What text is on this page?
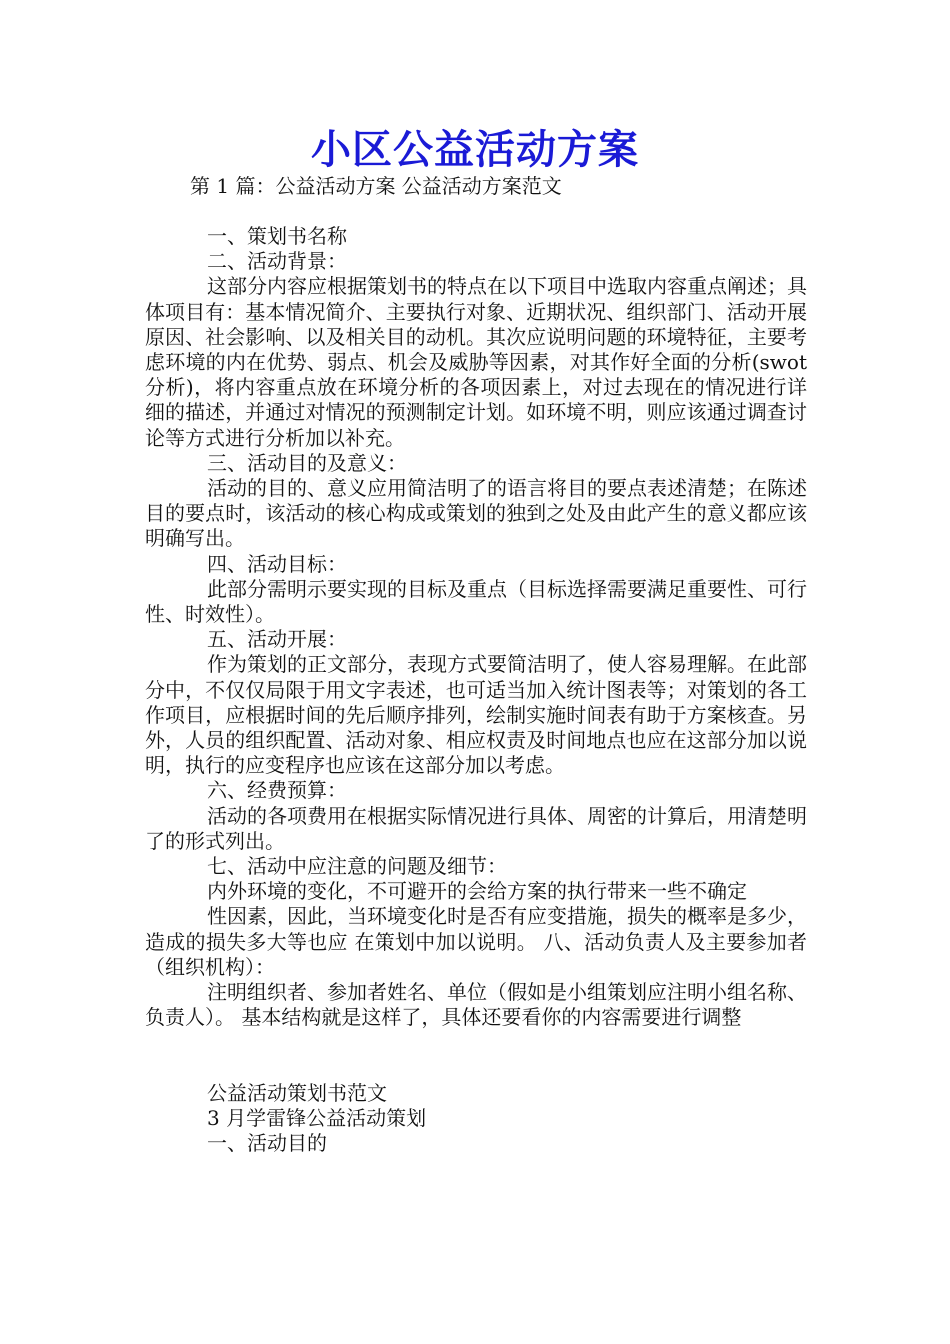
小区公益活动方案
第 1 篇：公益活动方案 公益活动方案范文

一、策划书名称

二、活动背景：

这部分内容应根据策划书的特点在以下项目中选取内容重点阐述；具体项目有：基本情况简介、主要执行对象、近期状况、组织部门、活动开展原因、社会影响、以及相关目的动机。其次应说明问题的环境特征，主要考虑环境的内在优势、弱点、机会及威胁等因素，对其作好全面的分析(swot 分析)，将内容重点放在环境分析的各项因素上，对过去现在的情况进行详细的描述，并通过对情况的预测制定计划。如环境不明，则应该通过调查讨论等方式进行分析加以补充。

三、活动目的及意义：

活动的目的、意义应用简洁明了的语言将目的要点表述清楚；在陈述目的要点时，该活动的核心构成或策划的独到之处及由此产生的意义都应该明确写出。

四、活动目标：

此部分需明示要实现的目标及重点（目标选择需要满足重要性、可行性、时效性）。

五、活动开展：

作为策划的正文部分，表现方式要简洁明了，使人容易理解。在此部分中，不仅仅局限于用文字表述，也可适当加入统计图表等；对策划的各工作项目，应根据时间的先后顺序排列，绘制实施时间表有助于方案核查。另外，人员的组织配置、活动对象、相应权责及时间地点也应在这部分加以说明，执行的应变程序也应该在这部分加以考虑。

六、经费预算：

活动的各项费用在根据实际情况进行具体、周密的计算后，用清楚明了的形式列出。

七、活动中应注意的问题及细节：

内外环境的变化，不可避开的会给方案的执行带来一些不确定

性因素，因此，当环境变化时是否有应变措施，损失的概率是多少，造成的损失多大等也应 在策划中加以说明。 八、活动负责人及主要参加者（组织机构）：

注明组织者、参加者姓名、单位（假如是小组策划应注明小组名称、负责人）。 基本结构就是这样了，具体还要看你的内容需要进行调整

公益活动策划书范文

3 月学雷锋公益活动策划

一、活动目的
